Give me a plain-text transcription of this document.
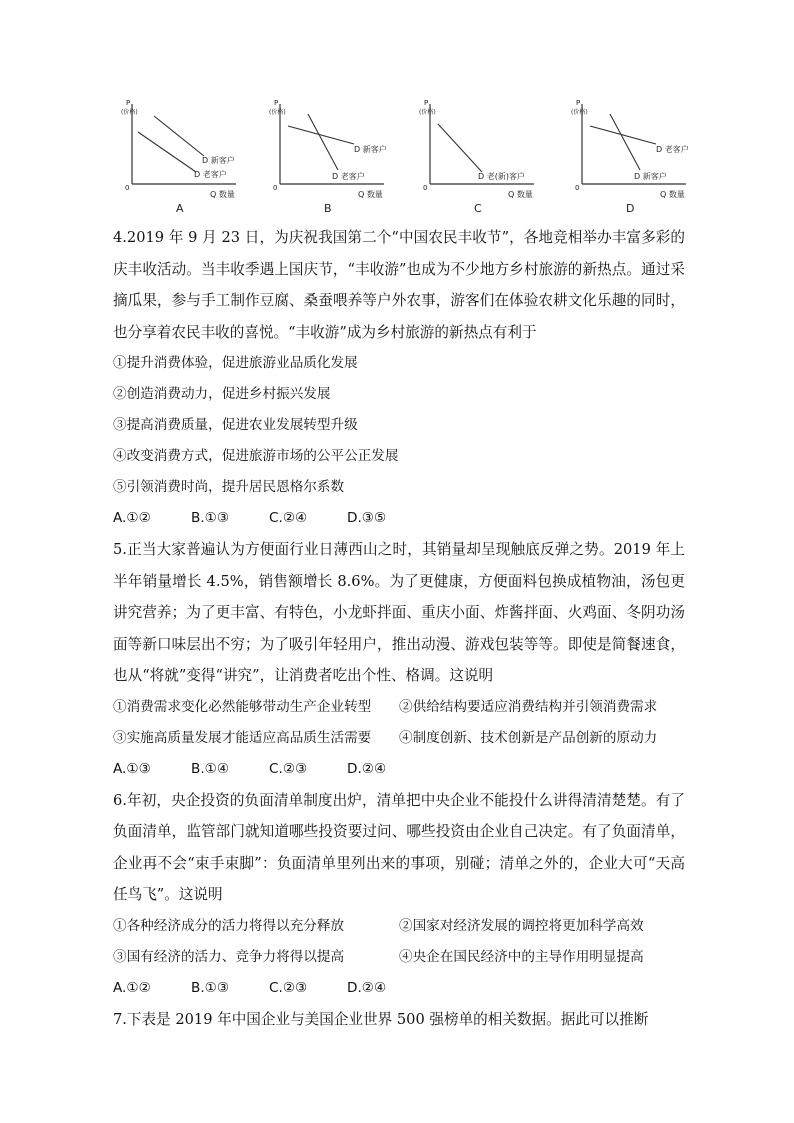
P
(价格)
0
Q 数量
D 新客户
D 老客户
A
P
(价格)
0
Q 数量
D 新客户
D 老客户
B
P
(价格)
0
Q 数量
D 老(新)客户
C
P
(价格)
0
Q 数量
D 老客户
D 新客户
D

4.2019 年 9 月 23 日，为庆祝我国第二个“中国农民丰收节”，各地竞相举办丰富多彩的庆丰收活动。当丰收季遇上国庆节，“丰收游”也成为不少地方乡村旅游的新热点。通过采摘瓜果，参与手工制作豆腐、桑蚕喂养等户外农事，游客们在体验农耕文化乐趣的同时，也分享着农民丰收的喜悦。“丰收游”成为乡村旅游的新热点有利于

①提升消费体验，促进旅游业品质化发展

②创造消费动力，促进乡村振兴发展

③提高消费质量，促进农业发展转型升级

④改变消费方式，促进旅游市场的公平公正发展

⑤引领消费时尚，提升居民恩格尔系数

A.①②	B.①③	C.②④	D.③⑤

5.正当大家普遍认为方便面行业日薄西山之时，其销量却呈现触底反弹之势。2019 年上半年销量增长 4.5%，销售额增长 8.6%。为了更健康，方便面料包换成植物油，汤包更讲究营养；为了更丰富、有特色，小龙虾拌面、重庆小面、炸酱拌面、火鸡面、冬阴功汤面等新口味层出不穷；为了吸引年轻用户，推出动漫、游戏包装等等。即使是简餐速食，也从“将就”变得“讲究”，让消费者吃出个性、格调。这说明

①消费需求变化必然能够带动生产企业转型	②供给结构要适应消费结构并引领消费需求
③实施高质量发展才能适应高品质生活需要	④制度创新、技术创新是产品创新的原动力
A.①③	B.①④	C.②③	D.②④

6.年初，央企投资的负面清单制度出炉，清单把中央企业不能投什么讲得清清楚楚。有了负面清单，监管部门就知道哪些投资要过问、哪些投资由企业自己决定。有了负面清单，企业再不会“束手束脚”：负面清单里列出来的事项，别碰；清单之外的，企业大可“天高任鸟飞”。这说明

①各种经济成分的活力将得以充分释放	②国家对经济发展的调控将更加科学高效
③国有经济的活力、竞争力将得以提高	④央企在国民经济中的主导作用明显提高
A.①②	B.①③	C.②③	D.②④

7.下表是 2019 年中国企业与美国企业世界 500 强榜单的相关数据。据此可以推断
